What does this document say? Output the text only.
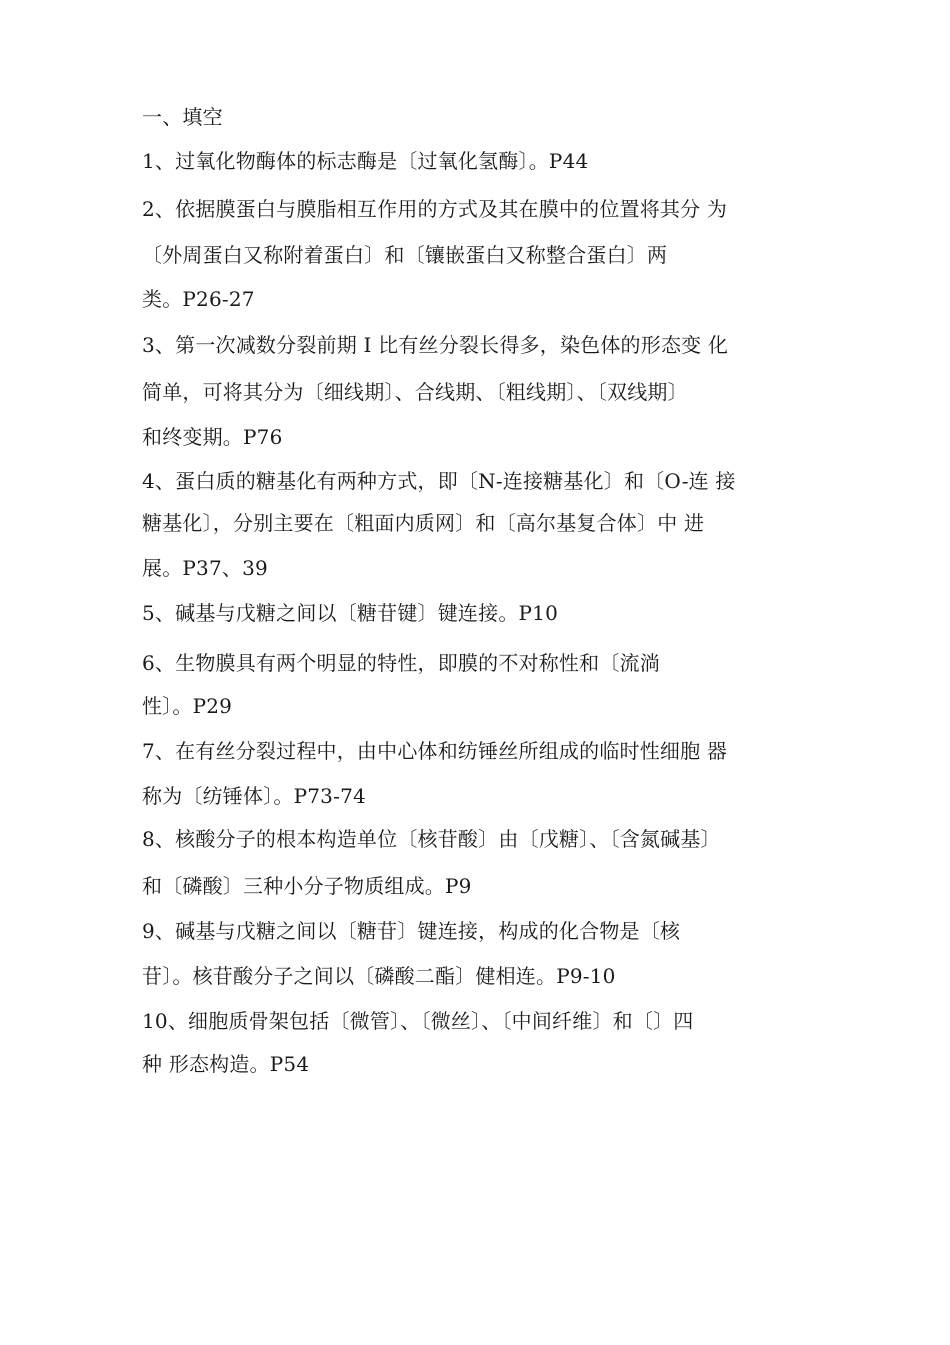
一、填空
1、过氧化物酶体的标志酶是〔过氧化氢酶〕。P44
2、依据膜蛋白与膜脂相互作用的方式及其在膜中的位置将其分 为
〔外周蛋白又称附着蛋白〕和〔镶嵌蛋白又称整合蛋白〕两
类。P26-27
3、第一次减数分裂前期 I 比有丝分裂长得多，染色体的形态变 化
简单，可将其分为〔细线期〕、合线期、〔粗线期〕、〔双线期〕
和终变期。P76
4、蛋白质的糖基化有两种方式，即〔N-连接糖基化〕和〔O-连 接
糖基化〕，分别主要在〔粗面内质网〕和〔高尔基复合体〕中 进
展。P37、39
5、碱基与戊糖之间以〔糖苷键〕键连接。P10
6、生物膜具有两个明显的特性，即膜的不对称性和〔流淌
性〕。P29
7、在有丝分裂过程中，由中心体和纺锤丝所组成的临时性细胞 器
称为〔纺锤体〕。P73-74
8、核酸分子的根本构造单位〔核苷酸〕由〔戊糖〕、〔含氮碱基〕
和〔磷酸〕三种小分子物质组成。P9
9、碱基与戊糖之间以〔糖苷〕键连接，构成的化合物是〔核
苷〕。核苷酸分子之间以〔磷酸二酯〕健相连。P9-10
10、细胞质骨架包括〔微管〕、〔微丝〕、〔中间纤维〕和〔〕四
种 形态构造。P54
